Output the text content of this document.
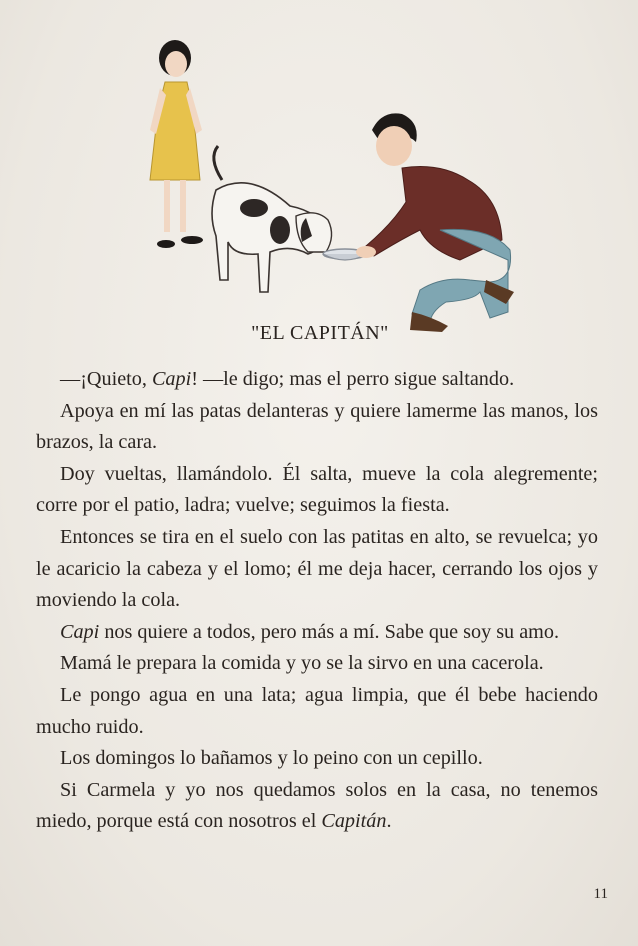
"EL CAPITÁN"

—¡Quieto, Capi! —le digo; mas el perro sigue saltando.

Apoya en mí las patas delanteras y quiere lamerme las manos, los brazos, la cara.

Doy vueltas, llamándolo. Él salta, mueve la cola alegremente; corre por el patio, ladra; vuelve; seguimos la fiesta.

Entonces se tira en el suelo con las patitas en alto, se revuelca; yo le acaricio la cabeza y el lomo; él me deja hacer, cerrando los ojos y moviendo la cola.

Capi nos quiere a todos, pero más a mí. Sabe que soy su amo.

Mamá le prepara la comida y yo se la sirvo en una cacerola.

Le pongo agua en una lata; agua limpia, que él bebe haciendo mucho ruido.

Los domingos lo bañamos y lo peino con un cepillo.

Si Carmela y yo nos quedamos solos en la casa, no tenemos miedo, porque está con nosotros el Capitán.

11
